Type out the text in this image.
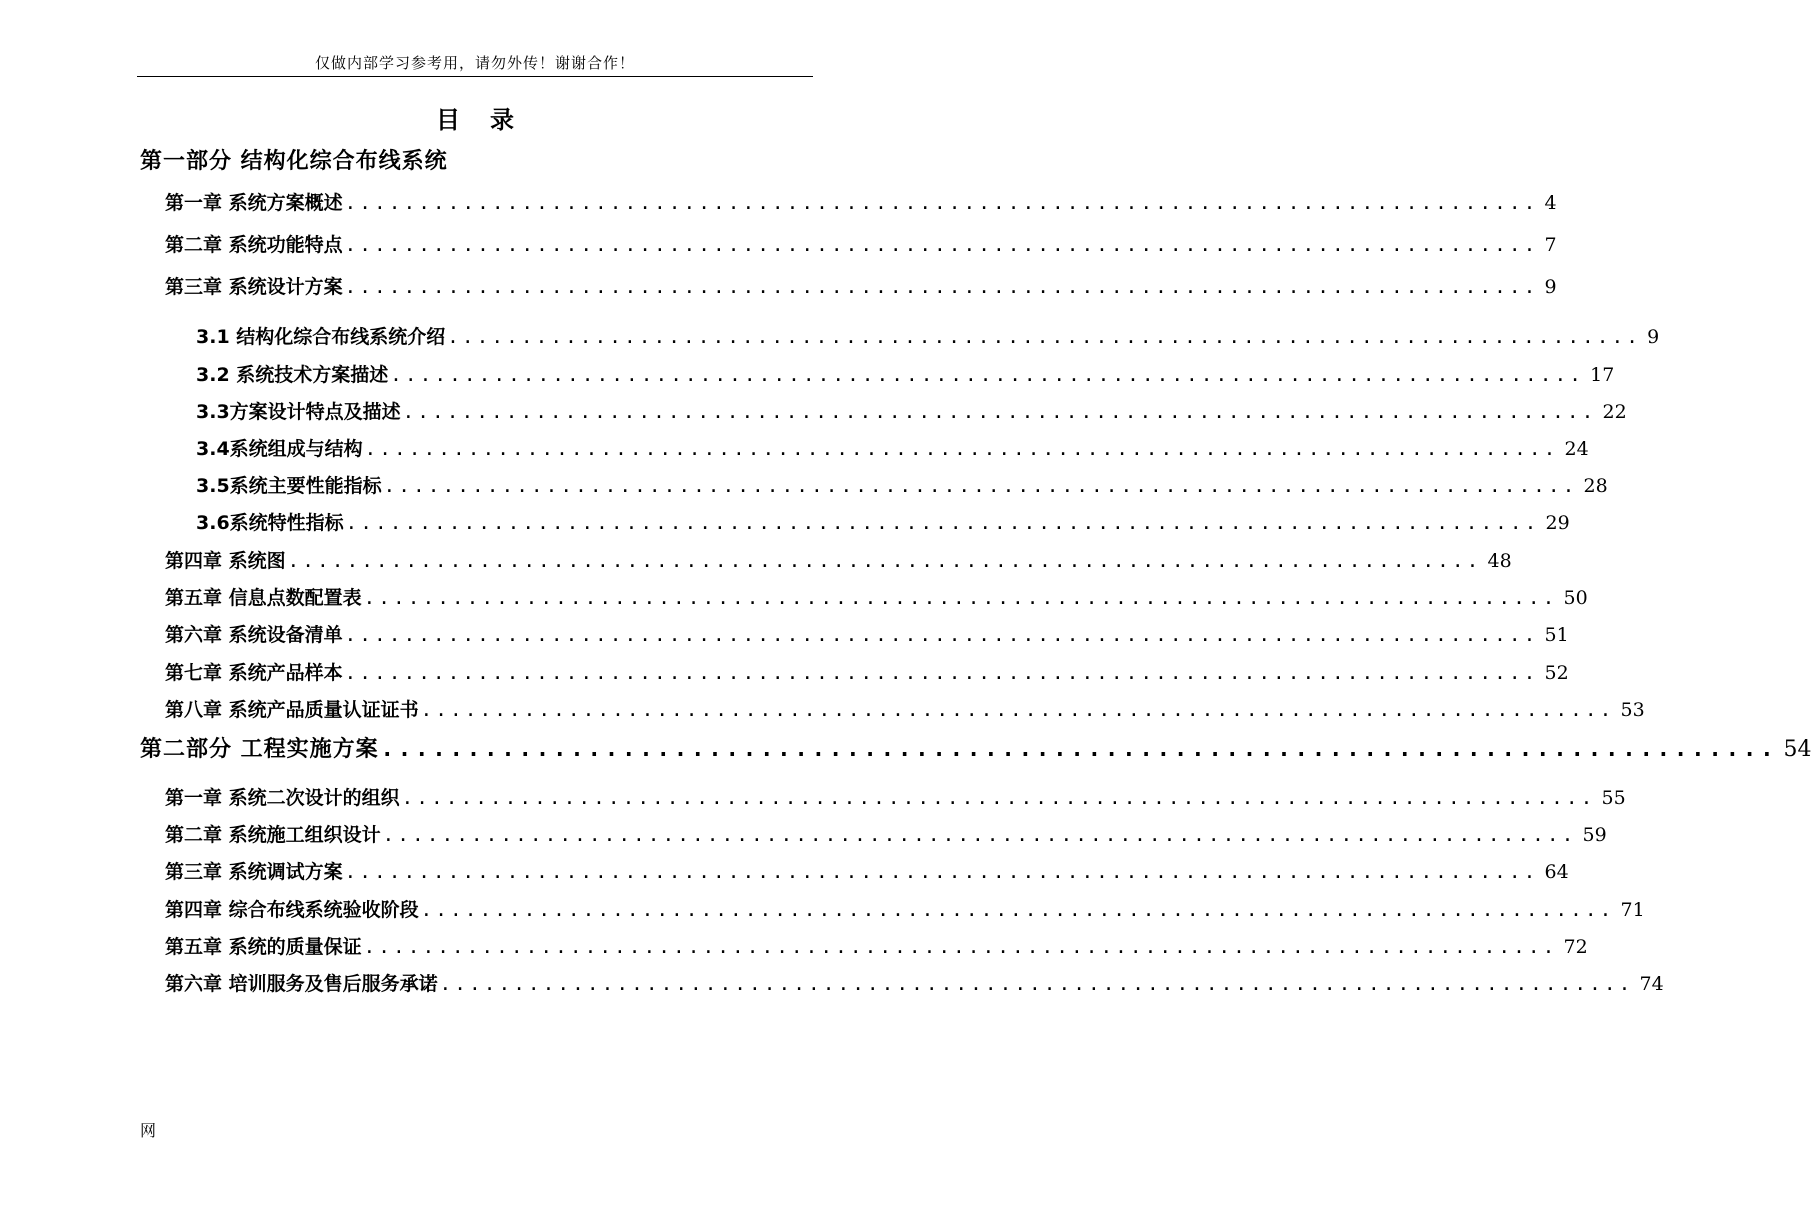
仅做内部学习参考用，请勿外传！谢谢合作！
目 录
第一部分 结构化综合布线系统
第一章 系统方案概述 ................................................................................. 4
第二章 系统功能特点 ................................................................................. 7
第三章 系统设计方案 ................................................................................. 9
3.1 结构化综合布线系统介绍 ................................................................................. 9
3.2 系统技术方案描述 ................................................................................. 17
3.3方案设计特点及描述 ................................................................................. 22
3.4系统组成与结构 ................................................................................. 24
3.5系统主要性能指标 ................................................................................. 28
3.6系统特性指标 ................................................................................. 29
第四章 系统图 ................................................................................. 48
第五章 信息点数配置表 ................................................................................. 50
第六章 系统设备清单 ................................................................................. 51
第七章 系统产品样本 ................................................................................. 52
第八章 系统产品质量认证证书 ................................................................................. 53
第二部分 工程实施方案 ................................................................................. 54
第一章 系统二次设计的组织 ................................................................................. 55
第二章 系统施工组织设计 ................................................................................. 59
第三章 系统调试方案 ................................................................................. 64
第四章 综合布线系统验收阶段 ................................................................................. 71
第五章 系统的质量保证 ................................................................................. 72
第六章 培训服务及售后服务承诺 ................................................................................. 74
网
